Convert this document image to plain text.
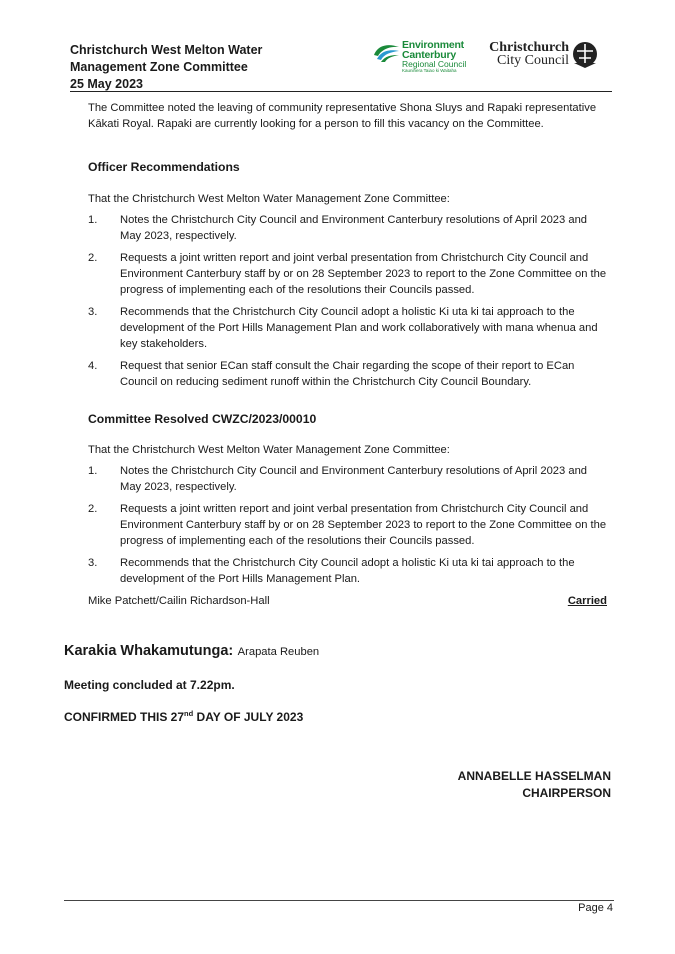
Christchurch West Melton Water
Management Zone Committee
25 May 2023
Environment
Canterbury
Regional Council
Kaunihera Taiao ki Waitaha
Christchurch
City Council
The Committee noted the leaving of community representative Shona Sluys and Rapaki representative Kākati Royal. Rapaki are currently looking for a person to fill this vacancy on the Committee.
Officer Recommendations
That the Christchurch West Melton Water Management Zone Committee:
1.	Notes the Christchurch City Council and Environment Canterbury resolutions of April 2023 and May 2023, respectively.
2.	Requests a joint written report and joint verbal presentation from Christchurch City Council and Environment Canterbury staff by or on 28 September 2023 to report to the Zone Committee on the progress of implementing each of the resolutions their Councils passed.
3.	Recommends that the Christchurch City Council adopt a holistic Ki uta ki tai approach to the development of the Port Hills Management Plan and work collaboratively with mana whenua and key stakeholders.
4.	Request that senior ECan staff consult the Chair regarding the scope of their report to ECan Council on reducing sediment runoff within the Christchurch City Council Boundary.
Committee Resolved CWZC/2023/00010
That the Christchurch West Melton Water Management Zone Committee:
1.	Notes the Christchurch City Council and Environment Canterbury resolutions of April 2023 and May 2023, respectively.
2.	Requests a joint written report and joint verbal presentation from Christchurch City Council and Environment Canterbury staff by or on 28 September 2023 to report to the Zone Committee on the progress of implementing each of the resolutions their Councils passed.
3.	Recommends that the Christchurch City Council adopt a holistic Ki uta ki tai approach to the development of the Port Hills Management Plan.
Mike Patchett/Cailin Richardson-Hall	Carried
Karakia Whakamutunga: Arapata Reuben
Meeting concluded at 7.22pm.
CONFIRMED THIS 27nd DAY OF JULY 2023
ANNABELLE HASSELMAN
CHAIRPERSON
Page 4
